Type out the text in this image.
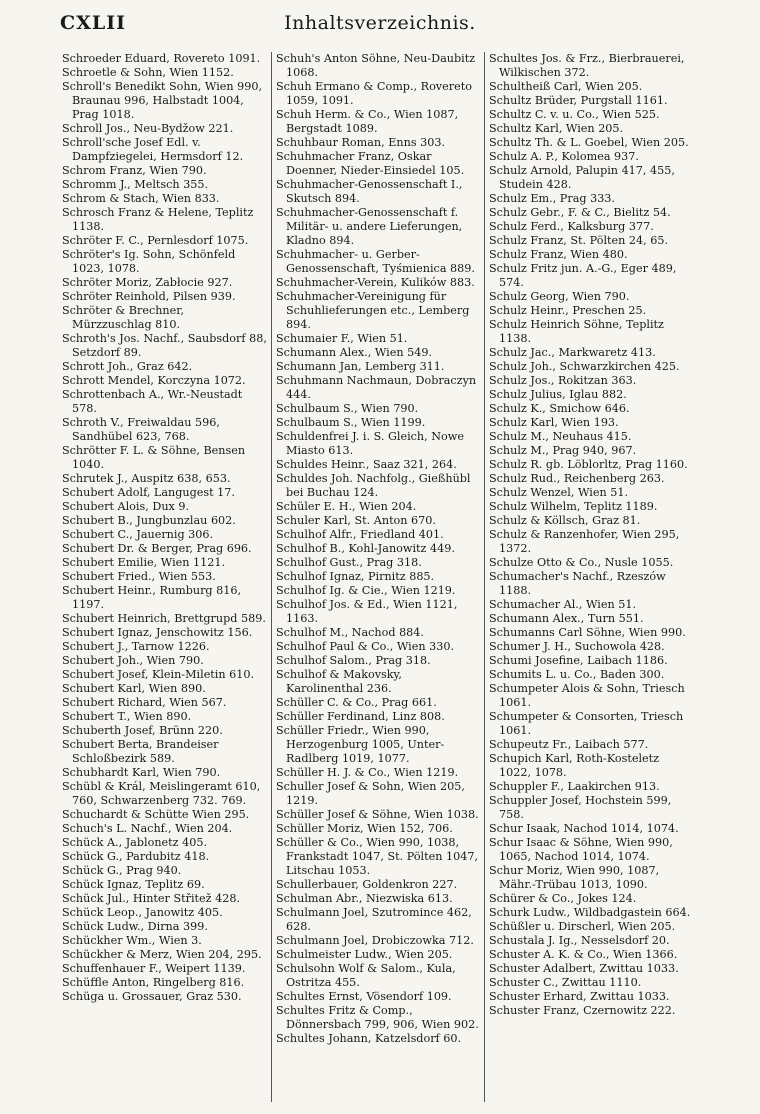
CXLII	Inhaltsverzeichnis.

Schroeder Eduard, Rovereto 1091.

Schroetle & Sohn, Wien 1152.

Schroll's Benedikt Sohn, Wien 990, Braunau 996, Halbstadt 1004, Prag 1018.

Schroll Jos., Neu-Bydžow 221.

Schroll'sche Josef Edl. v. Dampfziegelei, Hermsdorf 12.

Schrom Franz, Wien 790.

Schromm J., Meltsch 355.

Schrom & Stach, Wien 833.

Schrosch Franz & Helene, Teplitz 1138.

Schröter F. C., Pernlesdorf 1075.

Schröter's Ig. Sohn, Schönfeld 1023, 1078.

Schröter Moriz, Zabłocie 927.

Schröter Reinhold, Pilsen 939.

Schröter & Brechner, Mürzzuschlag 810.

Schroth's Jos. Nachf., Saubsdorf 88, Setzdorf 89.

Schrott Joh., Graz 642.

Schrott Mendel, Korczyna 1072.

Schrottenbach A., Wr.-Neustadt 578.

Schroth V., Freiwaldau 596, Sandhübel 623, 768.

Schrötter F. L. & Söhne, Bensen 1040.

Schrutek J., Auspitz 638, 653.

Schubert Adolf, Langugest 17.

Schubert Alois, Dux 9.

Schubert B., Jungbunzlau 602.

Schubert C., Jauernig 306.

Schubert Dr. & Berger, Prag 696.

Schubert Emilie, Wien 1121.

Schubert Fried., Wien 553.

Schubert Heinr., Rumburg 816, 1197.

Schubert Heinrich, Brettgrupd 589.

Schubert Ignaz, Jenschowitz 156.

Schubert J., Tarnow 1226.

Schubert Joh., Wien 790.

Schubert Josef, Klein-Miletin 610.

Schubert Karl, Wien 890.

Schubert Richard, Wien 567.

Schubert T., Wien 890.

Schuberth Josef, Brünn 220.

Schubert Berta, Brandeiser Schloßbezirk 589.

Schubhardt Karl, Wien 790.

Schübl & Král, Meislingeramt 610, 760, Schwarzenberg 732. 769.

Schuchardt & Schütte Wien 295.

Schuch's L. Nachf., Wien 204.

Schück A., Jablonetz 405.

Schück G., Pardubitz 418.

Schück G., Prag 940.

Schück Ignaz, Teplitz 69.

Schück Jul., Hinter Střitež 428.

Schück Leop., Janowitz 405.

Schück Ludw., Dirna 399.

Schückher Wm., Wien 3.

Schückher & Merz, Wien 204, 295.

Schuffenhauer F., Weipert 1139.

Schüffle Anton, Ringelberg 816.

Schüga u. Grossauer, Graz 530.

Schuh's Anton Söhne, Neu-Daubitz 1068.

Schuh Ermano & Comp., Rovereto 1059, 1091.

Schuh Herm. & Co., Wien 1087, Bergstadt 1089.

Schuhbaur Roman, Enns 303.

Schuhmacher Franz, Oskar Doenner, Nieder-Einsiedel 105.

Schuhmacher-Genossenschaft I., Skutsch 894.

Schuhmacher-Genossenschaft f. Militär- u. andere Lieferungen, Kladno 894.

Schuhmacher- u. Gerber-Genossenschaft, Tyśmienica 889.

Schuhmacher-Verein, Kulików 883.

Schuhmacher-Vereinigung für Schuhlieferungen etc., Lemberg 894.

Schumaier F., Wien 51.

Schumann Alex., Wien 549.

Schumann Jan, Lemberg 311.

Schuhmann Nachmaun, Dobraczyn 444.

Schulbaum S., Wien 790.

Schulbaum S., Wien 1199.

Schuldenfrei J. i. S. Gleich, Nowe Miasto 613.

Schuldes Heinr., Saaz 321, 264.

Schuldes Joh. Nachfolg., Gießhübl bei Buchau 124.

Schüler E. H., Wien 204.

Schuler Karl, St. Anton 670.

Schulhof Alfr., Friedland 401.

Schulhof B., Kohl-Janowitz 449.

Schulhof Gust., Prag 318.

Schulhof Ignaz, Pirnitz 885.

Schulhof Ig. & Cie., Wien 1219.

Schulhof Jos. & Ed., Wien 1121, 1163.

Schulhof M., Nachod 884.

Schulhof Paul & Co., Wien 330.

Schulhof Salom., Prag 318.

Schulhof & Makovsky, Karolinenthal 236.

Schüller C. & Co., Prag 661.

Schüller Ferdinand, Linz 808.

Schüller Friedr., Wien 990, Herzogenburg 1005, Unter-Radlberg 1019, 1077.

Schüller H. J. & Co., Wien 1219.

Schuller Josef & Sohn, Wien 205, 1219.

Schüller Josef & Söhne, Wien 1038.

Schüller Moriz, Wien 152, 706.

Schüller & Co., Wien 990, 1038, Frankstadt 1047, St. Pölten 1047, Litschau 1053.

Schullerbauer, Goldenkron 227.

Schulman Abr., Niezwiska 613.

Schulmann Joel, Szutromince 462, 628.

Schulmann Joel, Drobiczowka 712.

Schulmeister Ludw., Wien 205.

Schulsohn Wolf & Salom., Kula, Ostritza 455.

Schultes Ernst, Vösendorf 109.

Schultes Fritz & Comp., Dönnersbach 799, 906, Wien 902.

Schultes Johann, Katzelsdorf 60.

Schultes Jos. & Frz., Bierbrauerei, Wilkischen 372.

Schultheiß Carl, Wien 205.

Schultz Brüder, Purgstall 1161.

Schultz C. v. u. Co., Wien 525.

Schultz Karl, Wien 205.

Schultz Th. & L. Goebel, Wien 205.

Schulz A. P., Kolomea 937.

Schulz Arnold, Palupin 417, 455, Studein 428.

Schulz Em., Prag 333.

Schulz Gebr., F. & C., Bielitz 54.

Schulz Ferd., Kalksburg 377.

Schulz Franz, St. Pölten 24, 65.

Schulz Franz, Wien 480.

Schulz Fritz jun. A.-G., Eger 489, 574.

Schulz Georg, Wien 790.

Schulz Heinr., Preschen 25.

Schulz Heinrich Söhne, Teplitz 1138.

Schulz Jac., Markwaretz 413.

Schulz Joh., Schwarzkirchen 425.

Schulz Jos., Rokitzan 363.

Schulz Julius, Iglau 882.

Schulz K., Smichow 646.

Schulz Karl, Wien 193.

Schulz M., Neuhaus 415.

Schulz M., Prag 940, 967.

Schulz R. gb. Löblorltz, Prag 1160.

Schulz Rud., Reichenberg 263.

Schulz Wenzel, Wien 51.

Schulz Wilhelm, Teplitz 1189.

Schulz & Köllsch, Graz 81.

Schulz & Ranzenhofer, Wien 295, 1372.

Schulze Otto & Co., Nusle 1055.

Schumacher's Nachf., Rzeszów 1188.

Schumacher Al., Wien 51.

Schumann Alex., Turn 551.

Schumanns Carl Söhne, Wien 990.

Schumer J. H., Suchowola 428.

Schumi Josefine, Laibach 1186.

Schumits L. u. Co., Baden 300.

Schumpeter Alois & Sohn, Triesch 1061.

Schumpeter & Consorten, Triesch 1061.

Schupeutz Fr., Laibach 577.

Schupich Karl, Roth-Kosteletz 1022, 1078.

Schuppler F., Laakirchen 913.

Schuppler Josef, Hochstein 599, 758.

Schur Isaak, Nachod 1014, 1074.

Schur Isaac & Söhne, Wien 990, 1065, Nachod 1014, 1074.

Schur Moriz, Wien 990, 1087, Mähr.-Trübau 1013, 1090.

Schürer & Co., Jokes 124.

Schurk Ludw., Wildbadgastein 664.

Schüßler u. Dirscherl, Wien 205.

Schustala J. Ig., Nesselsdorf 20.

Schuster A. K. & Co., Wien 1366.

Schuster Adalbert, Zwittau 1033.

Schuster C., Zwittau 1110.

Schuster Erhard, Zwittau 1033.

Schuster Franz, Czernowitz 222.
